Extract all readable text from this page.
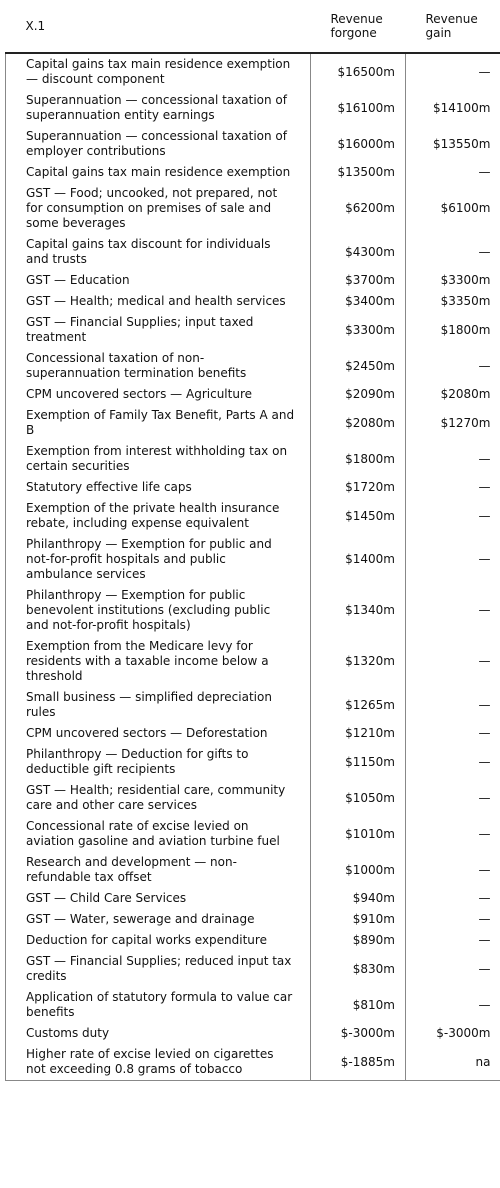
X.1	Revenue forgone	Revenue gain
Capital gains tax main residence exemption — discount component	$16500m	—
Superannuation — concessional taxation of superannuation entity earnings	$16100m	$14100m
Superannuation — concessional taxation of employer contributions	$16000m	$13550m
Capital gains tax main residence exemption	$13500m	—
GST — Food; uncooked, not prepared, not for consumption on premises of sale and some beverages	$6200m	$6100m
Capital gains tax discount for individuals and trusts	$4300m	—
GST — Education	$3700m	$3300m
GST — Health; medical and health services	$3400m	$3350m
GST — Financial Supplies; input taxed treatment	$3300m	$1800m
Concessional taxation of non-superannuation termination benefits	$2450m	—
CPM uncovered sectors — Agriculture	$2090m	$2080m
Exemption of Family Tax Benefit, Parts A and B	$2080m	$1270m
Exemption from interest withholding tax on certain securities	$1800m	—
Statutory effective life caps	$1720m	—
Exemption of the private health insurance rebate, including expense equivalent	$1450m	—
Philanthropy — Exemption for public and not-for-profit hospitals and public ambulance services	$1400m	—
Philanthropy — Exemption for public benevolent institutions (excluding public and not-for-profit hospitals)	$1340m	—
Exemption from the Medicare levy for residents with a taxable income below a threshold	$1320m	—
Small business — simplified depreciation rules	$1265m	—
CPM uncovered sectors — Deforestation	$1210m	—
Philanthropy — Deduction for gifts to deductible gift recipients	$1150m	—
GST — Health; residential care, community care and other care services	$1050m	—
Concessional rate of excise levied on aviation gasoline and aviation turbine fuel	$1010m	—
Research and development — non-refundable tax offset	$1000m	—
GST — Child Care Services	$940m	—
GST — Water, sewerage and drainage	$910m	—
Deduction for capital works expenditure	$890m	—
GST — Financial Supplies; reduced input tax credits	$830m	—
Application of statutory formula to value car benefits	$810m	—
Customs duty	$-3000m	$-3000m
Higher rate of excise levied on cigarettes not exceeding 0.8 grams of tobacco	$-1885m	na
